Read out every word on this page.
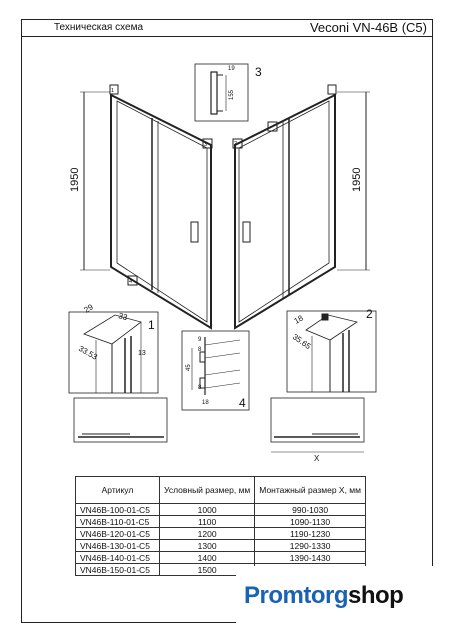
Техническая схема	Veconi VN-46B (C5)
1950	1950
3
1
2
4
1
2
3
4
19
155
29
33
33.53	13
18
35.65
9
8
45
8
18
X
Артикул	Условный размер, мм	Монтажный размер X, мм
VN46B-100-01-C5	1000	990-1030
VN46B-110-01-C5	1100	1090-1130
VN46B-120-01-C5	1200	1190-1230
VN46B-130-01-C5	1300	1290-1330
VN46B-140-01-C5	1400	1390-1430
VN46B-150-01-C5	1500	
Promtorgshop
